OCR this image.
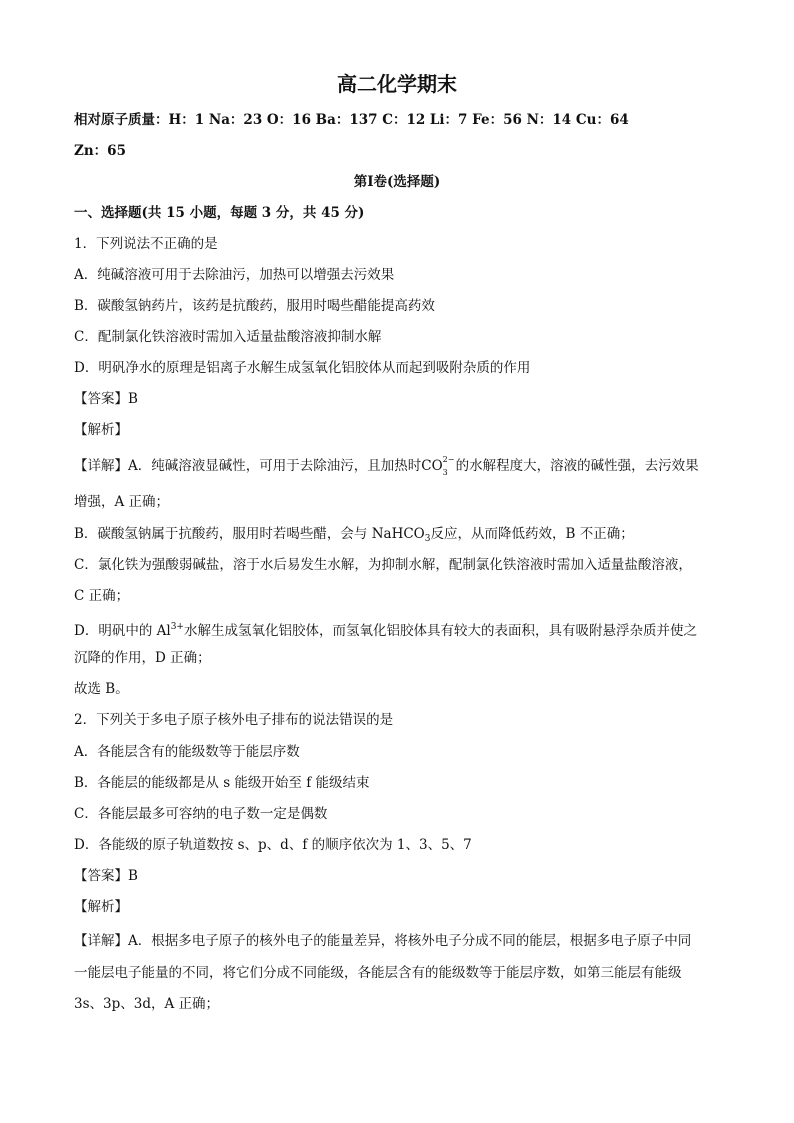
高二化学期末
相对原子质量：H：1 Na：23 O：16 Ba：137 C：12 Li：7 Fe：56 N：14 Cu：64
Zn：65
第Ⅰ卷(选择题)
一、选择题(共 15 小题，每题 3 分，共 45 分)
1．下列说法不正确的是
A．纯碱溶液可用于去除油污，加热可以增强去污效果
B．碳酸氢钠药片，该药是抗酸药，服用时喝些醋能提高药效
C．配制氯化铁溶液时需加入适量盐酸溶液抑制水解
D．明矾净水的原理是铝离子水解生成氢氧化铝胶体从而起到吸附杂质的作用
【答案】B
【解析】
【详解】A．纯碱溶液显碱性，可用于去除油污，且加热时CO 2−
3 的水解程度大，溶液的碱性强，去污效果
增强，A 正确；
B．碳酸氢钠属于抗酸药，服用时若喝些醋，会与 NaHCO$_3$反应，从而降低药效，B 不正确；
C．氯化铁为强酸弱碱盐，溶于水后易发生水解，为抑制水解，配制氯化铁溶液时需加入适量盐酸溶液，
C 正确；
D．明矾中的 $Al^{3+}$水解生成氢氧化铝胶体，而氢氧化铝胶体具有较大的表面积，具有吸附悬浮杂质并使之
沉降的作用，D 正确；
故选 B。
2．下列关于多电子原子核外电子排布的说法错误的是
A．各能层含有的能级数等于能层序数
B．各能层的能级都是从 s 能级开始至 f 能级结束
C．各能层最多可容纳的电子数一定是偶数
D．各能级的原子轨道数按 s、p、d、f 的顺序依次为 1、3、5、7
【答案】B
【解析】
【详解】A．根据多电子原子的核外电子的能量差异，将核外电子分成不同的能层，根据多电子原子中同
一能层电子能量的不同，将它们分成不同能级，各能层含有的能级数等于能层序数，如第三能层有能级
3s、3p、3d，A 正确；
